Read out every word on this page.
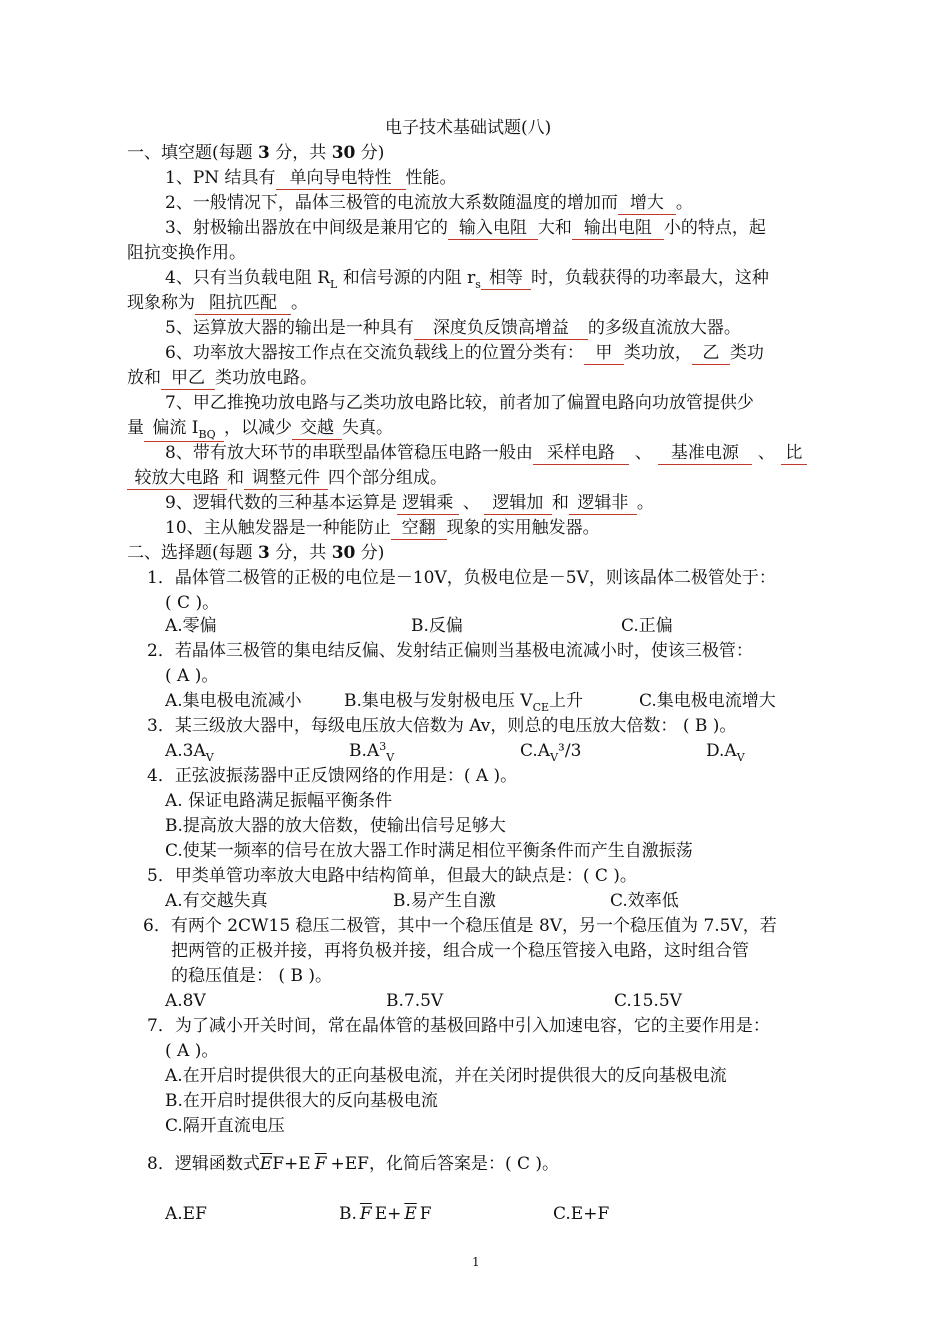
电子技术基础试题(八)
一、填空题(每题 3 分，共 30 分)
1、PN 结具有 单向导电特性 性能。
2、一般情况下，晶体三极管的电流放大系数随温度的增加而 增大 。
3、射极输出器放在中间级是兼用它的 输入电阻 大和 输出电阻 小的特点，起
阻抗变换作用。
4、只有当负载电阻 $R_L$ 和信号源的内阻 $r_s$ 相等 时，负载获得的功率最大，这种
现象称为 阻抗匹配 。
5、运算放大器的输出是一种具有 深度负反馈高增益 的多级直流放大器。
6、功率放大器按工作点在交流负载线上的位置分类有： 甲 类功放， 乙 类功
放和 甲乙 类功放电路。
7、甲乙推挽功放电路与乙类功放电路比较，前者加了偏置电路向功放管提供少
量 偏流 $I_{BQ}$ ，以减少 交越 失真。
8、带有放大环节的串联型晶体管稳压电路一般由 采样电路 、 基准电源 、 比
较放大电路 和 调整元件 四个部分组成。
9、逻辑代数的三种基本运算是 逻辑乘 、 逻辑加 和 逻辑非 。
10、主从触发器是一种能防止 空翻 现象的实用触发器。
二、选择题(每题 3 分，共 30 分)
1．晶体管二极管的正极的电位是－10V，负极电位是－5V，则该晶体二极管处于：
( C )。
A.零偏	B.反偏	C.正偏
2．若晶体三极管的集电结反偏、发射结正偏则当基极电流减小时，使该三极管：
( A )。
A.集电极电流减小 B.集电极与发射极电压 $V_{CE}$上升	C.集电极电流增大
3．某三级放大器中，每级电压放大倍数为 Av，则总的电压放大倍数： ( B )。
$A.3A_V$	$B.A^3_V$	$C.A_V^3/3$	$D.A_V$
4．正弦波振荡器中正反馈网络的作用是：( A )。
A. 保证电路满足振幅平衡条件
B.提高放大器的放大倍数，使输出信号足够大
C.使某一频率的信号在放大器工作时满足相位平衡条件而产生自激振荡
5．甲类单管功率放大电路中结构简单，但最大的缺点是：( C )。
A.有交越失真	B.易产生自激	C.效率低
6．有两个 2CW15 稳压二极管，其中一个稳压值是 8V，另一个稳压值为 7.5V，若
把两管的正极并接，再将负极并接，组合成一个稳压管接入电路，这时组合管
的稳压值是： ( B )。
A.8V	B.7.5V	C.15.5V
7．为了减小开关时间，常在晶体管的基极回路中引入加速电容，它的主要作用是：
( A )。
A.在开启时提供很大的正向基极电流，并在关闭时提供很大的反向基极电流
B.在开启时提供很大的反向基极电流
C.隔开直流电压
8．逻辑函数式$\overline{E}F+E$ $\overline{F} +EF$，化简后答案是：( C )。
A.EF	B. $\overline{F}$ $E+ \overline{E}$ F	C.E+F
1
